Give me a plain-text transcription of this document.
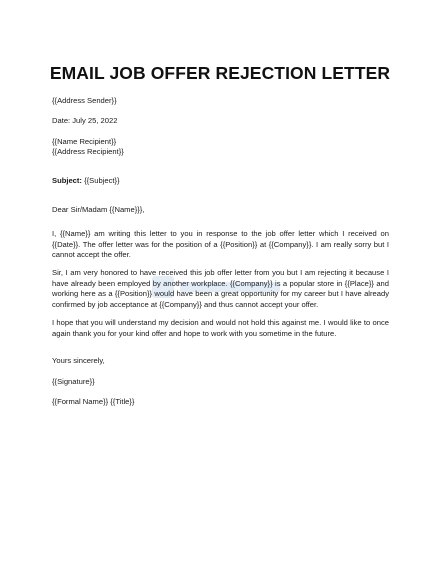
EMAIL JOB OFFER REJECTION LETTER
{{Address Sender}}
Date: July 25, 2022
{{Name Recipient}}
{{Address Recipient}}
Subject: {{Subject}}
Dear Sir/Madam {{Name}}},
I, {{Name}} am writing this letter to you in response to the job offer letter which I received on {{Date}}. The offer letter was for the position of a {{Position}} at {{Company}}. I am really sorry but I cannot accept the offer.
Sir, I am very honored to have received this job offer letter from you but I am rejecting it because I have already been employed by another workplace. {{Company}} is a popular store in {{Place}} and working here as a {{Position}} would have been a great opportunity for my career but I have already confirmed by job acceptance at {{Company}} and thus cannot accept your offer.
I hope that you will understand my decision and would not hold this against me. I would like to once again thank you for your kind offer and hope to work with you sometime in the future.
Yours sincerely,
{{Signature}}
{{Formal Name}} {{Title}}
